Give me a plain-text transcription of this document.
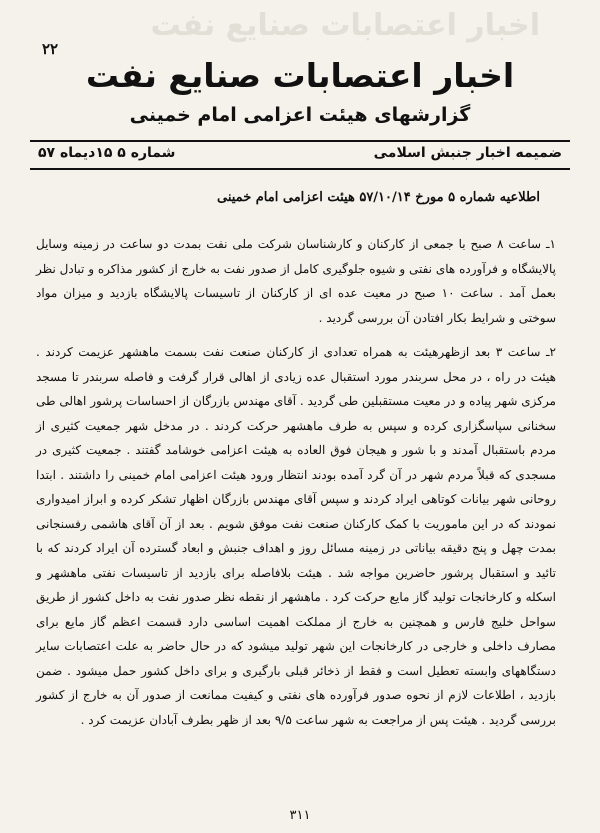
اخبار اعتصابات صنایع نفت
۲۲
اخبار اعتصابات صنایع نفت
گزارشهای هیئت اعزامی امام خمینی
ضمیمه اخبار جنبش اسلامی
شماره ۵ ۱۵دیماه ۵۷
اطلاعیه شماره ۵ مورخ ۵۷/۱۰/۱۴ هیئت اعزامی امام خمینی

۱ـ ساعت ۸ صبح با جمعی از کارکنان و کارشناسان شرکت ملی نفت بمدت دو ساعت در زمینه وسایل پالایشگاه و فرآورده های نفتی و شیوه جلوگیری کامل از صدور نفت به خارج از کشور مذاکره و تبادل نظر بعمل آمد . ساعت ۱۰ صبح در معیت عده ای از کارکنان از تاسیسات پالایشگاه بازدید و میزان مواد سوختی و شرایط بکار افتادن آن بررسی گردید .

۲ـ ساعت ۳ بعد ازظهرهیئت به همراه تعدادی از کارکنان صنعت نفت بسمت ماهشهر عزیمت کردند . هیئت در راه ، در محل سربندر مورد استقبال عده زیادی از اهالی قرار گرفت و فاصله سربندر تا مسجد مرکزی شهر پیاده و در معیت مستقبلین طی گردید . آقای مهندس بازرگان از احساسات پرشور اهالی طی سخنانی سپاسگزاری کرده و سپس به طرف ماهشهر حرکت کردند . در مدخل شهر جمعیت کثیری از مردم باستقبال آمدند و با شور و هیجان فوق العاده به هیئت اعزامی خوشامد گفتند . جمعیت کثیری در مسجدی که قبلاً مردم شهر در آن گرد آمده بودند انتظار ورود هیئت اعزامی امام خمینی را داشتند . ابتدا روحانی شهر بیانات کوتاهی ایراد کردند و سپس آقای مهندس بازرگان اظهار تشکر کرده و ابراز امیدواری نمودند که در این ماموریت با کمک کارکنان صنعت نفت موفق شویم . بعد از آن آقای هاشمی رفسنجانی بمدت چهل و پنج دقیقه بیاناتی در زمینه مسائل روز و اهداف جنبش و ابعاد گسترده آن ایراد کردند که با تائید و استقبال پرشور حاضرین مواجه شد . هیئت بلافاصله برای بازدید از تاسیسات نفتی ماهشهر و اسکله و کارخانجات تولید گاز مایع حرکت کرد . ماهشهر از نقطه نظر صدور نفت به داخل کشور از طریق سواحل خلیج فارس و همچنین به خارج از مملکت اهمیت اساسی دارد قسمت اعظم گاز مایع برای مصارف داخلی و خارجی در کارخانجات این شهر تولید میشود که در حال حاضر به علت اعتصابات سایر دستگاههای وابسته تعطیل است و فقط از ذخائر قبلی بارگیری و برای داخل کشور حمل میشود . ضمن بازدید ، اطلاعات لازم از نحوه صدور فرآورده های نفتی و کیفیت ممانعت از صدور آن به خارج از کشور بررسی گردید . هیئت پس از مراجعت به شهر ساعت ۹/۵ بعد از ظهر بطرف آبادان عزیمت کرد .

۳۱۱
